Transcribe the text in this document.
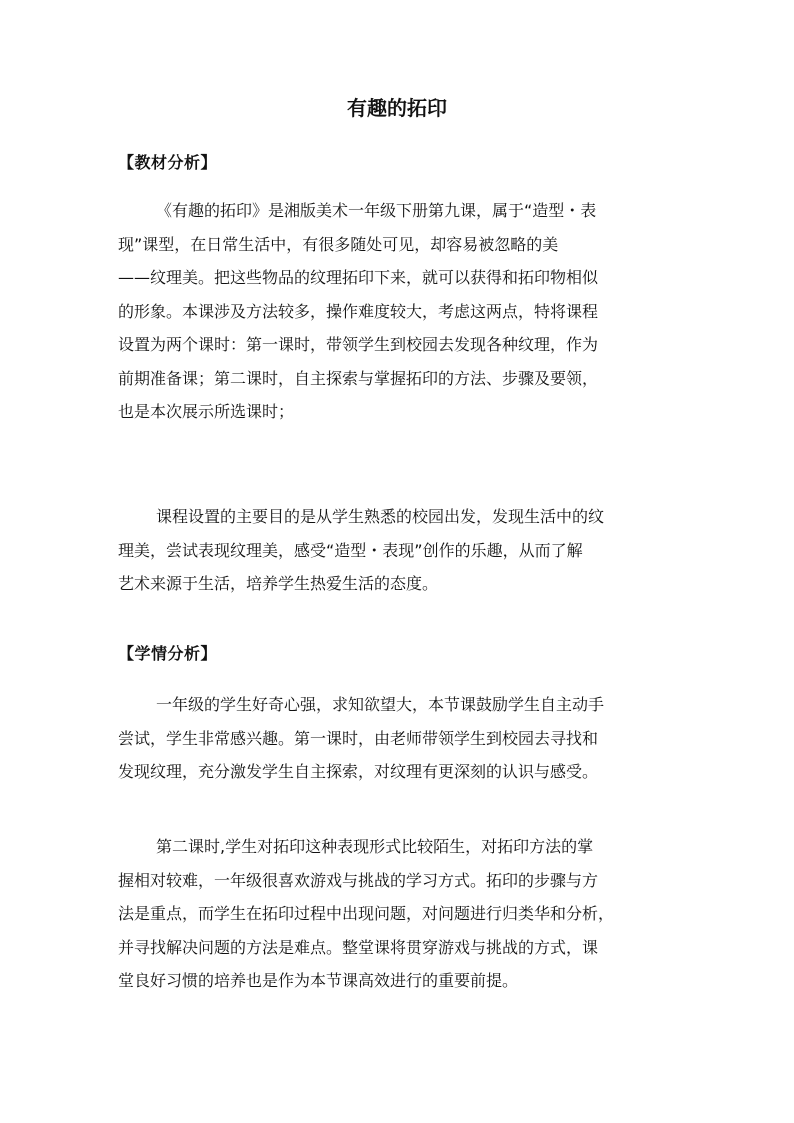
有趣的拓印
【教材分析】
《有趣的拓印》是湘版美术一年级下册第九课，属于“造型・表
现”课型，在日常生活中，有很多随处可见，却容易被忽略的美
——纹理美。把这些物品的纹理拓印下来，就可以获得和拓印物相似
的形象。本课涉及方法较多，操作难度较大，考虑这两点，特将课程
设置为两个课时：第一课时，带领学生到校园去发现各种纹理，作为
前期准备课；第二课时，自主探索与掌握拓印的方法、步骤及要领，
也是本次展示所选课时；
课程设置的主要目的是从学生熟悉的校园出发，发现生活中的纹
理美，尝试表现纹理美，感受“造型・表现”创作的乐趣，从而了解
艺术来源于生活，培养学生热爱生活的态度。
【学情分析】
一年级的学生好奇心强，求知欲望大，本节课鼓励学生自主动手
尝试，学生非常感兴趣。第一课时，由老师带领学生到校园去寻找和
发现纹理，充分激发学生自主探索，对纹理有更深刻的认识与感受。
第二课时,学生对拓印这种表现形式比较陌生，对拓印方法的掌
握相对较难，一年级很喜欢游戏与挑战的学习方式。拓印的步骤与方
法是重点，而学生在拓印过程中出现问题，对问题进行归类华和分析，
并寻找解决问题的方法是难点。整堂课将贯穿游戏与挑战的方式，课
堂良好习惯的培养也是作为本节课高效进行的重要前提。
